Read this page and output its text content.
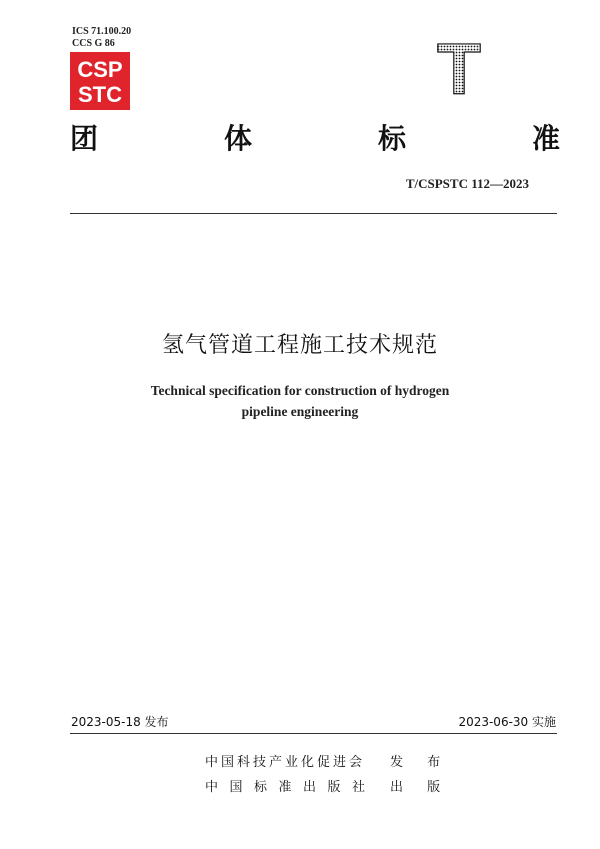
ICS 71.100.20
CCS G 86
CSP
STC	T
团	体	标	准
T/CSPSTC 112—2023
氢气管道工程施工技术规范
Technical specification for construction of hydrogen
pipeline engineering
2023-05-18 发布	2023-06-30 实施
中国科技产业化促进会 发 布
中国标准出版社 出 版
